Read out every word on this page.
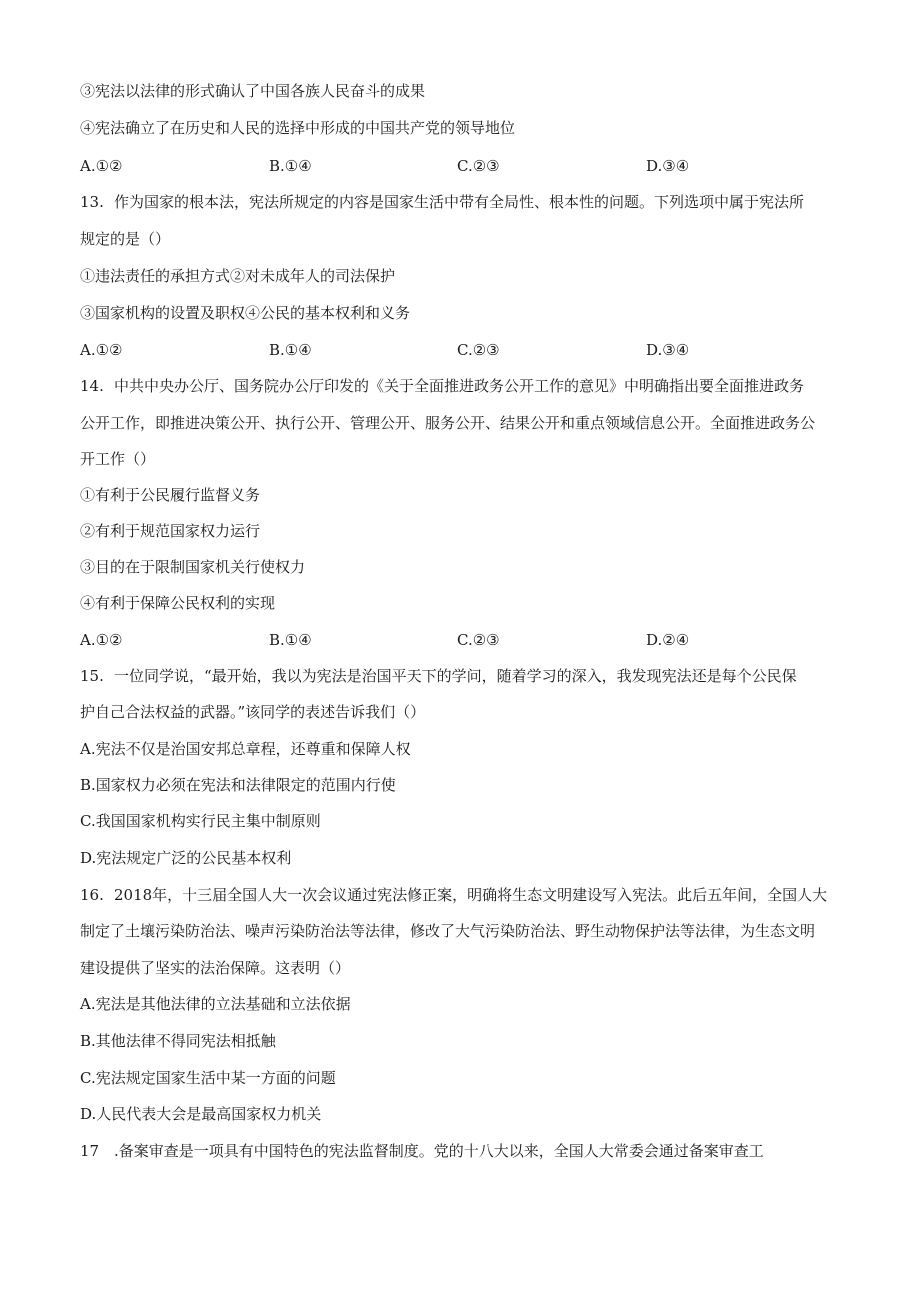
③宪法以法律的形式确认了中国各族人民奋斗的成果
④宪法确立了在历史和人民的选择中形成的中国共产党的领导地位
A.①②	B.①④	C.②③	D.③④
13. 作为国家的根本法，宪法所规定的内容是国家生活中带有全局性、根本性的问题。下列选项中属于宪法所
规定的是（）
①违法责任的承担方式②对未成年人的司法保护
③国家机构的设置及职权④公民的基本权利和义务
A.①②	B.①④	C.②③	D.③④
14. 中共中央办公厅、国务院办公厅印发的《关于全面推进政务公开工作的意见》中明确指出要全面推进政务
公开工作，即推进决策公开、执行公开、管理公开、服务公开、结果公开和重点领域信息公开。全面推进政务公
开工作（）
①有利于公民履行监督义务
②有利于规范国家权力运行
③目的在于限制国家机关行使权力
④有利于保障公民权利的实现
A.①②	B.①④	C.②③	D.②④
15. 一位同学说，“最开始，我以为宪法是治国平天下的学问，随着学习的深入，我发现宪法还是每个公民保
护自己合法权益的武器。”该同学的表述告诉我们（）
A.宪法不仅是治国安邦总章程，还尊重和保障人权
B.国家权力必须在宪法和法律限定的范围内行使
C.我国国家机构实行民主集中制原则
D.宪法规定广泛的公民基本权利
16. 2018年，十三届全国人大一次会议通过宪法修正案，明确将生态文明建设写入宪法。此后五年间，全国人大
制定了土壤污染防治法、噪声污染防治法等法律，修改了大气污染防治法、野生动物保护法等法律，为生态文明
建设提供了坚实的法治保障。这表明（）
A.宪法是其他法律的立法基础和立法依据
B.其他法律不得同宪法相抵触
C.宪法规定国家生活中某一方面的问题
D.人民代表大会是最高国家权力机关
17 .备案审查是一项具有中国特色的宪法监督制度。党的十八大以来，全国人大常委会通过备案审查工
